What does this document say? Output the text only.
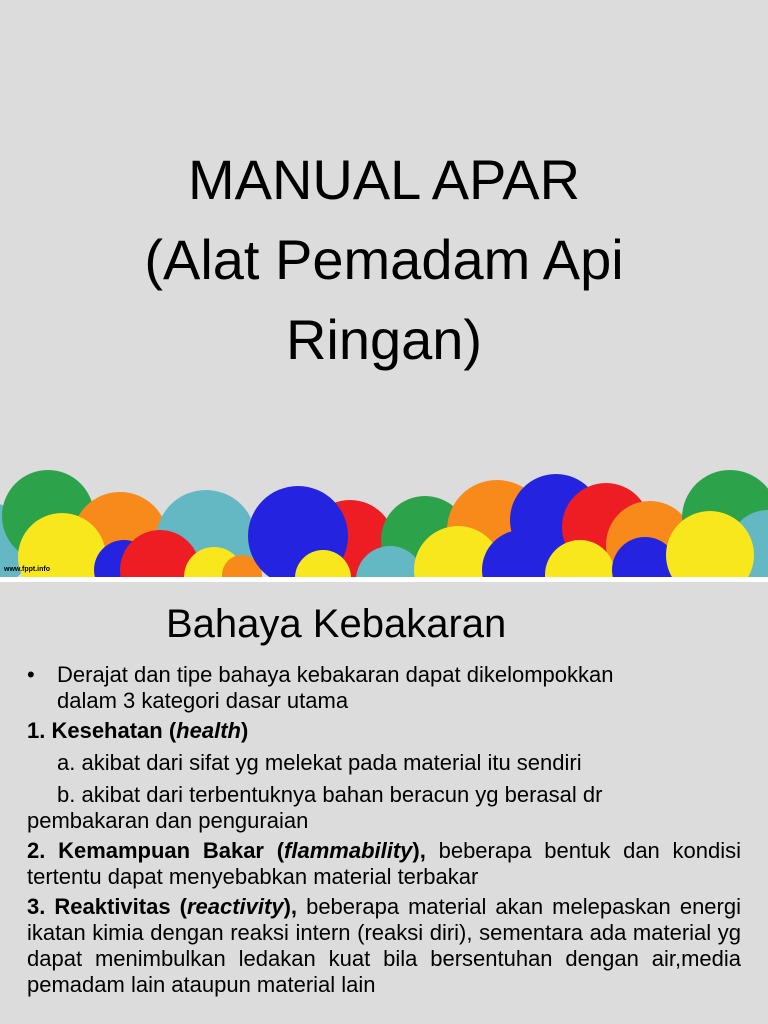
MANUAL APAR
(Alat Pemadam Api
Ringan)
www.fppt.info
Bahaya Kebakaran
•	Derajat dan tipe bahaya kebakaran dapat dikelompokkan
dalam 3 kategori dasar utama

1. Kesehatan (health)

a. akibat dari sifat yg melekat pada material itu sendiri

b. akibat dari terbentuknya bahan beracun yg berasal dr
pembakaran dan penguraian

2. Kemampuan Bakar (flammability), beberapa bentuk dan kondisi tertentu dapat menyebabkan material terbakar

3. Reaktivitas (reactivity), beberapa material akan melepaskan energi ikatan kimia dengan reaksi intern (reaksi diri), sementara ada material yg dapat menimbulkan ledakan kuat bila bersentuhan dengan air,media pemadam lain ataupun material lain
